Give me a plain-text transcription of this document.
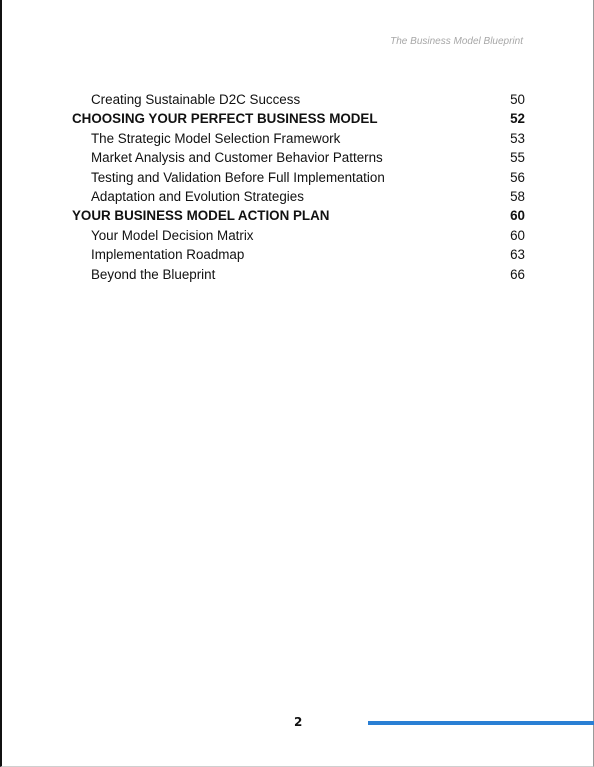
The Business Model Blueprint
Creating Sustainable D2C Success	50
CHOOSING YOUR PERFECT BUSINESS MODEL	52
The Strategic Model Selection Framework	53
Market Analysis and Customer Behavior Patterns	55
Testing and Validation Before Full Implementation	56
Adaptation and Evolution Strategies	58
YOUR BUSINESS MODEL ACTION PLAN	60
Your Model Decision Matrix	60
Implementation Roadmap	63
Beyond the Blueprint	66
2
